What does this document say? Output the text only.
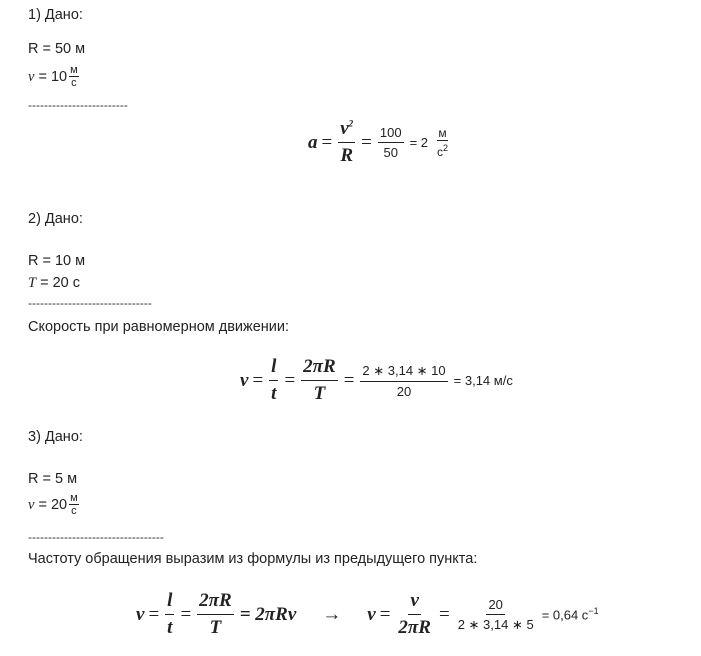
1) Дано:
R = 50 м
v
= $10 \frac{м}{с}$
-------------------------
$a = \frac{v^2}{R} = \frac{100}{50} = 2 \frac{м}{с^2}$
2) Дано:
R = 10 м
T = 20 с
-------------------------------
Скорость при равномерном движении:
$v = \frac{l}{t} = \frac{2\pi R}{T} = \frac{2 ∗ 3,14 ∗ 10}{20} = 3,14$ м/с
3) Дано:
R = 5 м
v
= $20 \frac{м}{с}$
----------------------------------
Частоту обращения выразим из формулы из предыдущего пункта:
$v = \frac{l}{t} = \frac{2\pi R}{T} = 2\pi R\nu \to \nu = \frac{v}{2\pi R} = \frac{20}{2 ∗ 3,14 ∗ 5} = 0,64$ $с^{-1}$
